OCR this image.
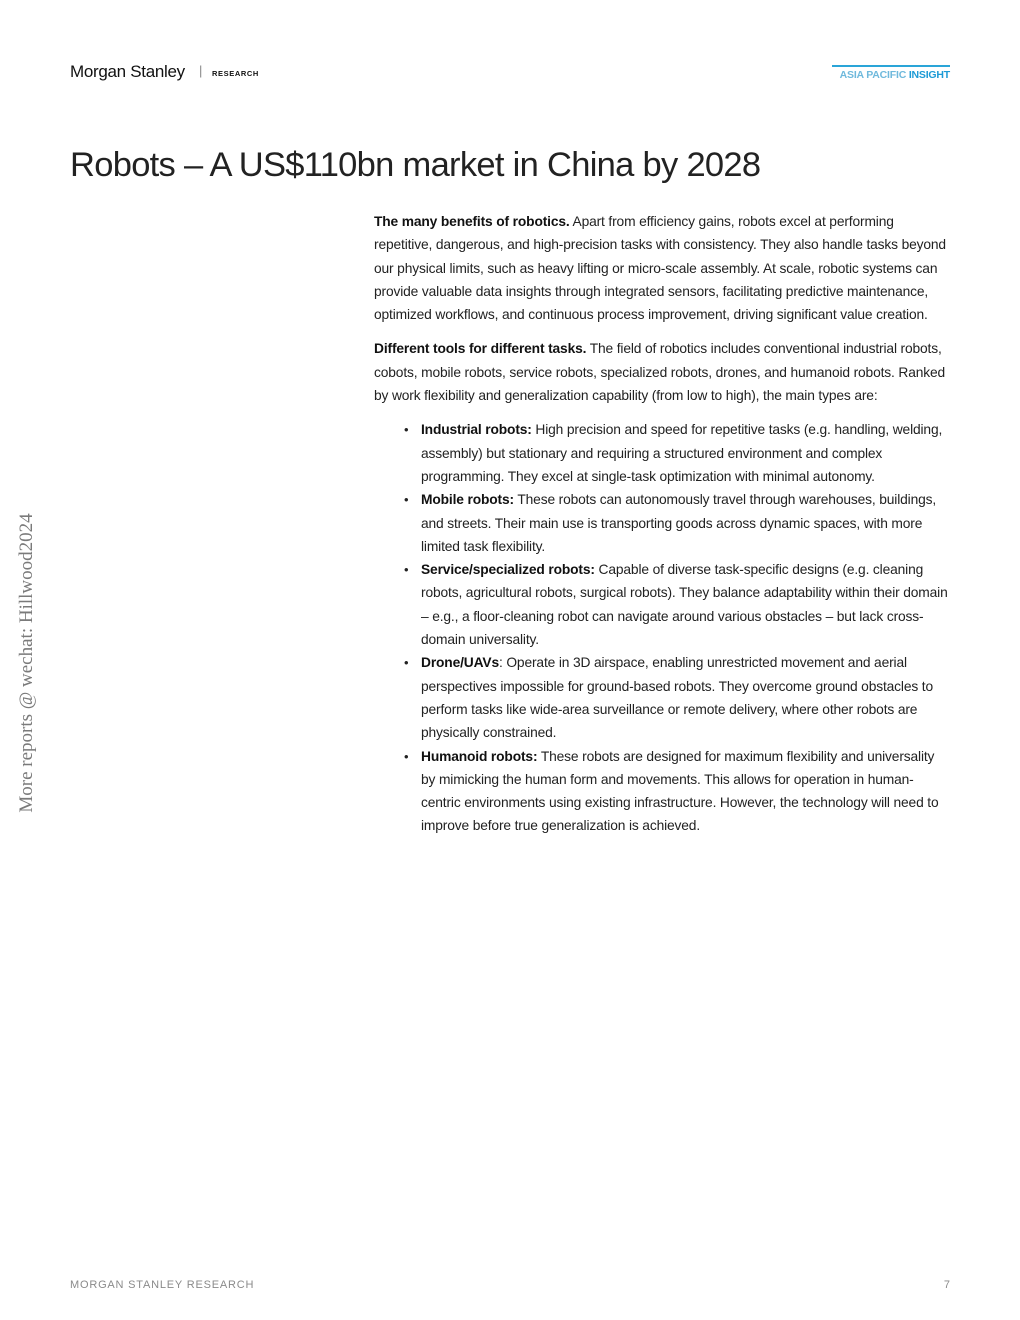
Morgan Stanley | RESEARCH	ASIA PACIFIC INSIGHT
Robots – A US$110bn market in China by 2028

The many benefits of robotics. Apart from efficiency gains, robots excel at performing repetitive, dangerous, and high-precision tasks with consistency. They also handle tasks beyond our physical limits, such as heavy lifting or micro-scale assembly. At scale, robotic systems can provide valuable data insights through integrated sensors, facilitating predictive maintenance, optimized workflows, and continuous process improvement, driving significant value creation.

Different tools for different tasks. The field of robotics includes conventional industrial robots, cobots, mobile robots, service robots, specialized robots, drones, and humanoid robots. Ranked by work flexibility and generalization capability (from low to high), the main types are:

• Industrial robots: High precision and speed for repetitive tasks (e.g. handling, welding, assembly) but stationary and requiring a structured environment and complex programming. They excel at single-task optimization with minimal autonomy.
• Mobile robots: These robots can autonomously travel through warehouses, buildings, and streets. Their main use is transporting goods across dynamic spaces, with more limited task flexibility.
• Service/specialized robots: Capable of diverse task-specific designs (e.g. cleaning robots, agricultural robots, surgical robots). They balance adaptability within their domain – e.g., a floor-cleaning robot can navigate around various obstacles – but lack cross-domain universality.
• Drone/UAVs: Operate in 3D airspace, enabling unrestricted movement and aerial perspectives impossible for ground-based robots. They overcome ground obstacles to perform tasks like wide-area surveillance or remote delivery, where other robots are physically constrained.
• Humanoid robots: These robots are designed for maximum flexibility and universality by mimicking the human form and movements. This allows for operation in human-centric environments using existing infrastructure. However, the technology will need to improve before true generalization is achieved.
More reports @ wechat: Hillwood2024
MORGAN STANLEY RESEARCH	7
